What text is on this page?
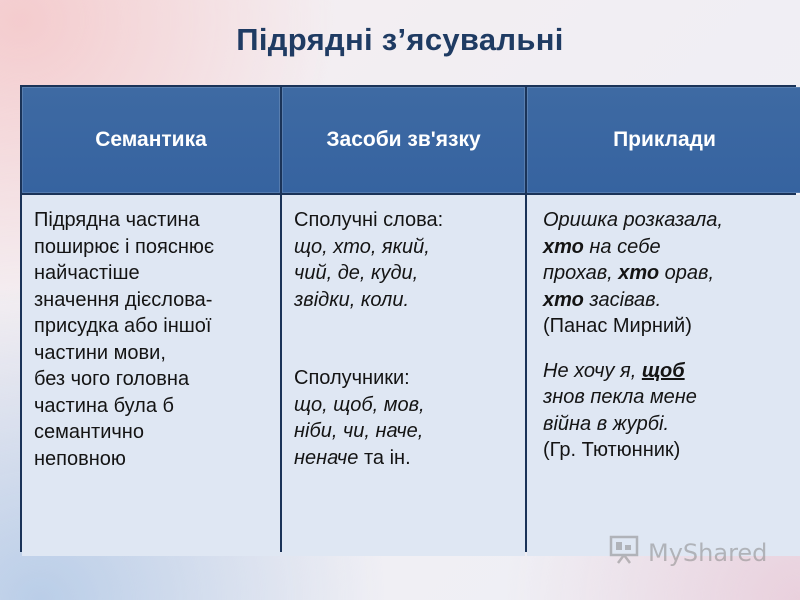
Підрядні з’ясувальні
Семантика	Засоби зв'язку	Приклади
Підрядна частина
поширює і пояснює
найчастіше
значення дієслова-
присудка або іншої
частини мови,
без чого головна
частина була б
семантично
неповною
Сполучні слова:
що, хто, який,
чий, де, куди,
звідки, коли.
Сполучники:
що, щоб, мов,
ніби, чи, наче,
неначе та ін.
Оришка розказала,
хто на себе
прохав, хто орав,
хто засівав.
(Панас Мирний)
Не хочу я, щоб
знов пекла мене
війна в журбі.
(Гр. Тютюнник)
MyShared
